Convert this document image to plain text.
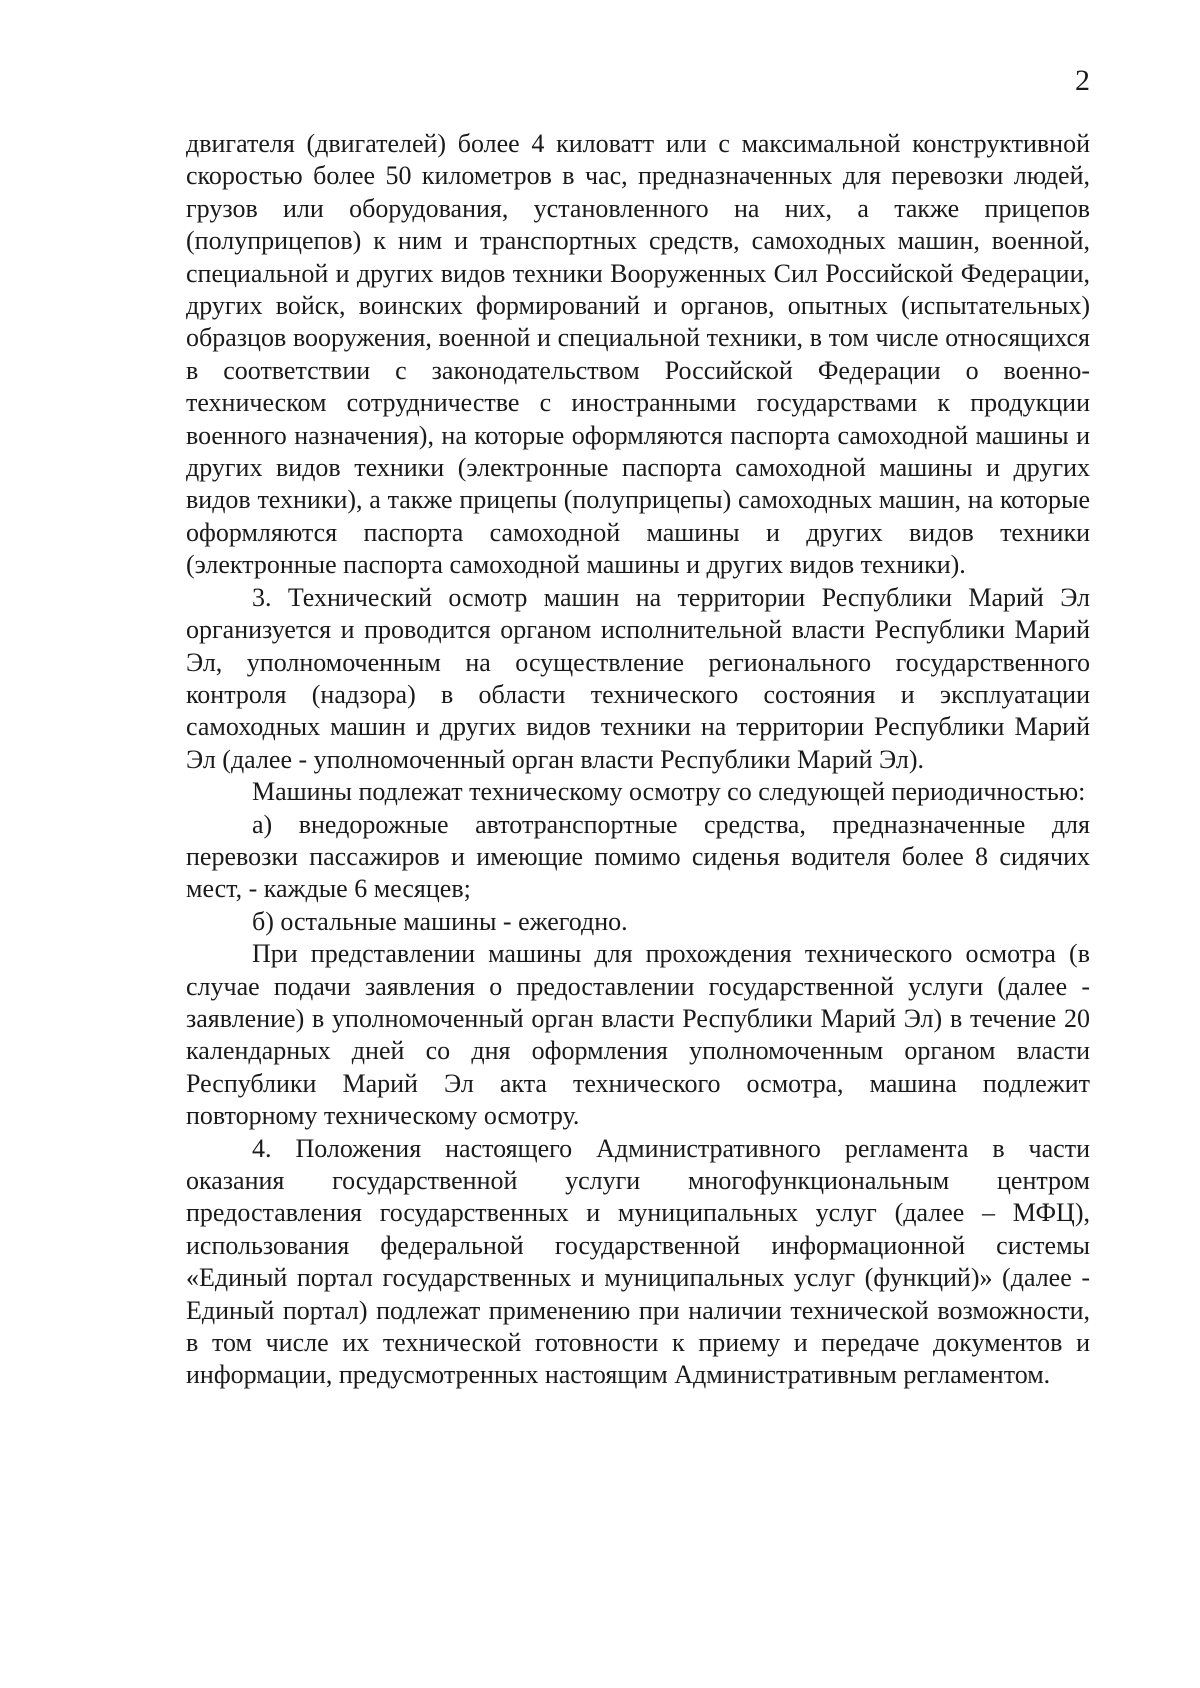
2

двигателя (двигателей) более 4 киловатт или с максимальной конструктивной скоростью более 50 километров в час, предназначенных для перевозки людей, грузов или оборудования, установленного на них, а также прицепов (полуприцепов) к ним и транспортных средств, самоходных машин, военной, специальной и других видов техники Вооруженных Сил Российской Федерации, других войск, воинских формирований и органов, опытных (испытательных) образцов вооружения, военной и специальной техники, в том числе относящихся в соответствии с законодательством Российской Федерации о военно-техническом сотрудничестве с иностранными государствами к продукции военного назначения), на которые оформляются паспорта самоходной машины и других видов техники (электронные паспорта самоходной машины и других видов техники), а также прицепы (полуприцепы) самоходных машин, на которые оформляются паспорта самоходной машины и других видов техники (электронные паспорта самоходной машины и других видов техники).

3. Технический осмотр машин на территории Республики Марий Эл организуется и проводится органом исполнительной власти Республики Марий Эл, уполномоченным на осуществление регионального государственного контроля (надзора) в области технического состояния и эксплуатации самоходных машин и других видов техники на территории Республики Марий Эл (далее - уполномоченный орган власти Республики Марий Эл).

Машины подлежат техническому осмотру со следующей периодичностью:

а) внедорожные автотранспортные средства, предназначенные для перевозки пассажиров и имеющие помимо сиденья водителя более 8 сидячих мест, - каждые 6 месяцев;

б) остальные машины - ежегодно.

При представлении машины для прохождения технического осмотра (в случае подачи заявления о предоставлении государственной услуги (далее - заявление) в уполномоченный орган власти Республики Марий Эл) в течение 20 календарных дней со дня оформления уполномоченным органом власти Республики Марий Эл акта технического осмотра, машина подлежит повторному техническому осмотру.

4. Положения настоящего Административного регламента в части оказания государственной услуги многофункциональным центром предоставления государственных и муниципальных услуг (далее – МФЦ), использования федеральной государственной информационной системы «Единый портал государственных и муниципальных услуг (функций)» (далее - Единый портал) подлежат применению при наличии технической возможности, в том числе их технической готовности к приему и передаче документов и информации, предусмотренных настоящим Административным регламентом.
